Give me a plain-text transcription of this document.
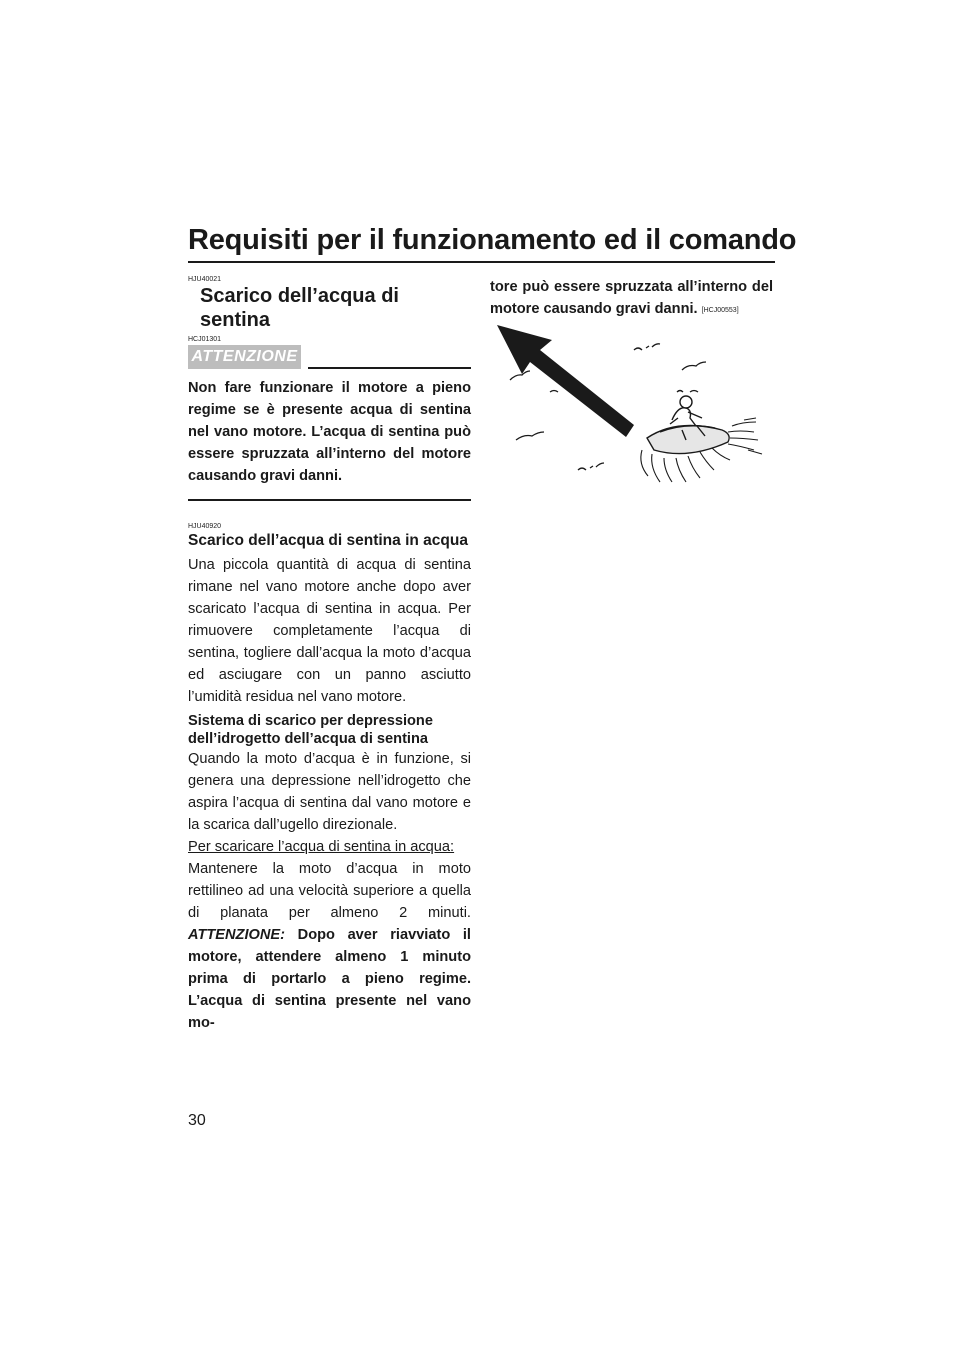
Requisiti per il funzionamento ed il comando
HJU40021
Scarico dell’acqua di sentina
HCJ01301
ATTENZIONE

Non fare funzionare il motore a pieno regime se è presente acqua di sentina nel vano motore. L’acqua di sentina può essere spruzzata all’interno del motore causando gravi danni.

HJU40920
Scarico dell’acqua di sentina in acqua

Una piccola quantità di acqua di sentina rimane nel vano motore anche dopo aver scaricato l’acqua di sentina in acqua. Per rimuovere completamente l’acqua di sentina, togliere dall’acqua la moto d’acqua ed asciugare con un panno asciutto l’umidità residua nel vano motore.

Sistema di scarico per depressione dell’idrogetto dell’acqua di sentina

Quando la moto d’acqua è in funzione, si genera una depressione nell’idrogetto che aspira l’acqua di sentina dal vano motore e la scarica dall’ugello direzionale.

Per scaricare l’acqua di sentina in acqua:

Mantenere la moto d’acqua in moto rettilineo ad una velocità superiore a quella di planata per almeno 2 minuti. ATTENZIONE: Dopo aver riavviato il motore, attendere almeno 1 minuto prima di portarlo a pieno regime. L’acqua di sentina presente nel vano mo-

tore può essere spruzzata all’interno del motore causando gravi danni. [HCJ00553]

30
